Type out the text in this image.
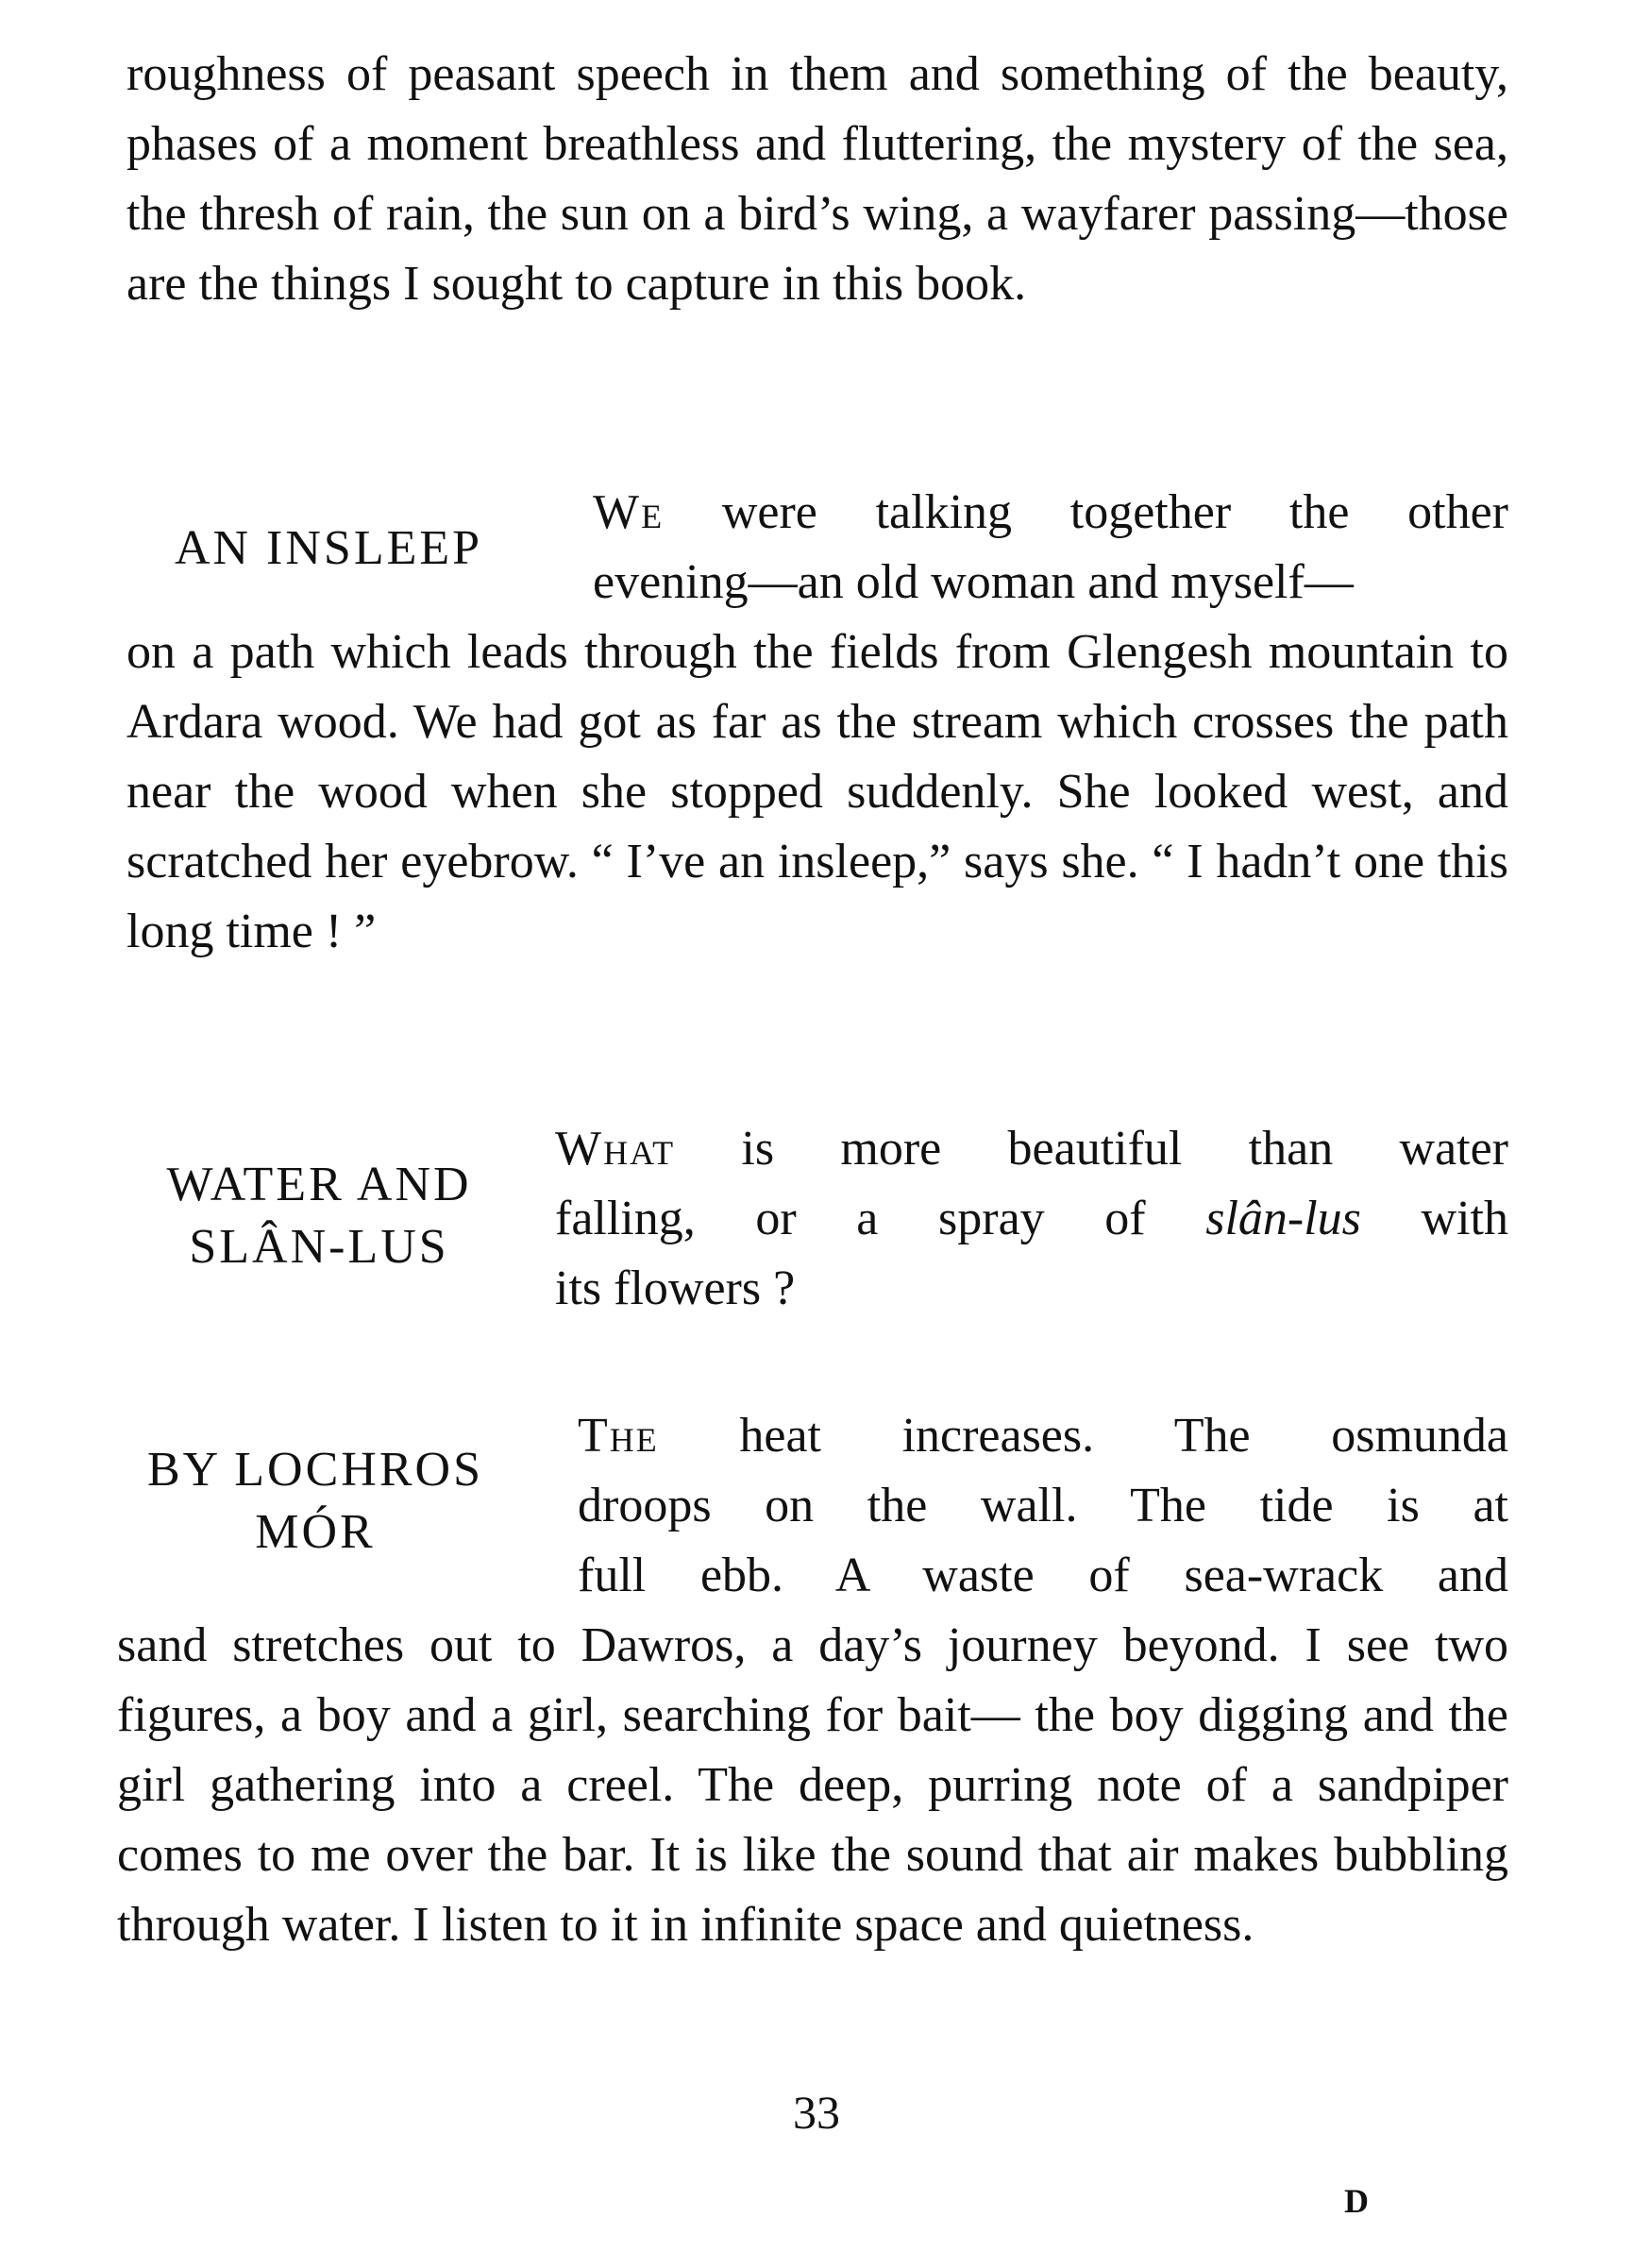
roughness of peasant speech in them and something of the beauty, phases of a moment breathless and fluttering, the mystery of the sea, the thresh of rain, the sun on a bird’s wing, a wayfarer passing—those are the things I sought to capture in this book.

AN INSLEEP
We were talking together the other
evening—an old woman and myself—

on a path which leads through the fields from Glengesh mountain to Ardara wood. We had got as far as the stream which crosses the path near the wood when she stopped suddenly. She looked west, and scratched her eyebrow. “ I’ve an insleep,” says she. “ I hadn’t one this long time ! ”

WATER AND
SLÂN-LUS
What is more beautiful than water
falling, or a spray of slân-lus with
its flowers ?
BY LOCHROS
MÓR
The heat increases. The osmunda
droops on the wall. The tide is at
full ebb. A waste of sea-wrack and

sand stretches out to Dawros, a day’s journey beyond. I see two figures, a boy and a girl, searching for bait— the boy digging and the girl gathering into a creel. The deep, purring note of a sandpiper comes to me over the bar. It is like the sound that air makes bubbling through water. I listen to it in infinite space and quietness.

33
D
